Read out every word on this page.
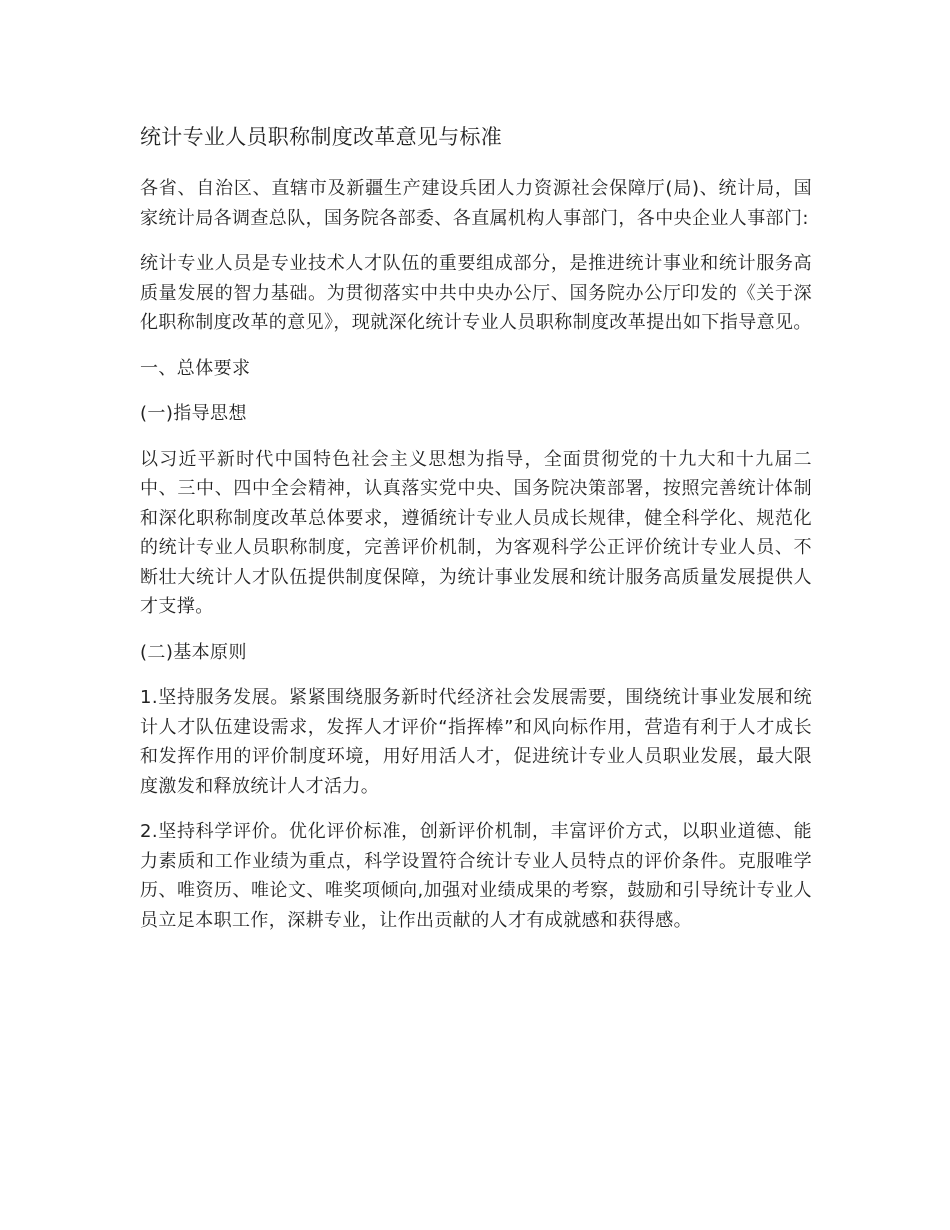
统计专业人员职称制度改革意见与标准

各省、自治区、直辖市及新疆生产建设兵团人力资源社会保障厅(局)、统计局，国家统计局各调查总队，国务院各部委、各直属机构人事部门，各中央企业人事部门:

统计专业人员是专业技术人才队伍的重要组成部分，是推进统计事业和统计服务高质量发展的智力基础。为贯彻落实中共中央办公厅、国务院办公厅印发的《关于深化职称制度改革的意见》，现就深化统计专业人员职称制度改革提出如下指导意见。

一、总体要求

(一)指导思想

以习近平新时代中国特色社会主义思想为指导，全面贯彻党的十九大和十九届二中、三中、四中全会精神，认真落实党中央、国务院决策部署，按照完善统计体制和深化职称制度改革总体要求，遵循统计专业人员成长规律，健全科学化、规范化的统计专业人员职称制度，完善评价机制，为客观科学公正评价统计专业人员、不断壮大统计人才队伍提供制度保障，为统计事业发展和统计服务高质量发展提供人才支撑。

(二)基本原则

1.坚持服务发展。紧紧围绕服务新时代经济社会发展需要，围绕统计事业发展和统计人才队伍建设需求，发挥人才评价“指挥棒”和风向标作用，营造有利于人才成长和发挥作用的评价制度环境，用好用活人才，促进统计专业人员职业发展，最大限度激发和释放统计人才活力。

2.坚持科学评价。优化评价标准，创新评价机制，丰富评价方式，以职业道德、能力素质和工作业绩为重点，科学设置符合统计专业人员特点的评价条件。克服唯学历、唯资历、唯论文、唯奖项倾向,加强对业绩成果的考察，鼓励和引导统计专业人员立足本职工作，深耕专业，让作出贡献的人才有成就感和获得感。
